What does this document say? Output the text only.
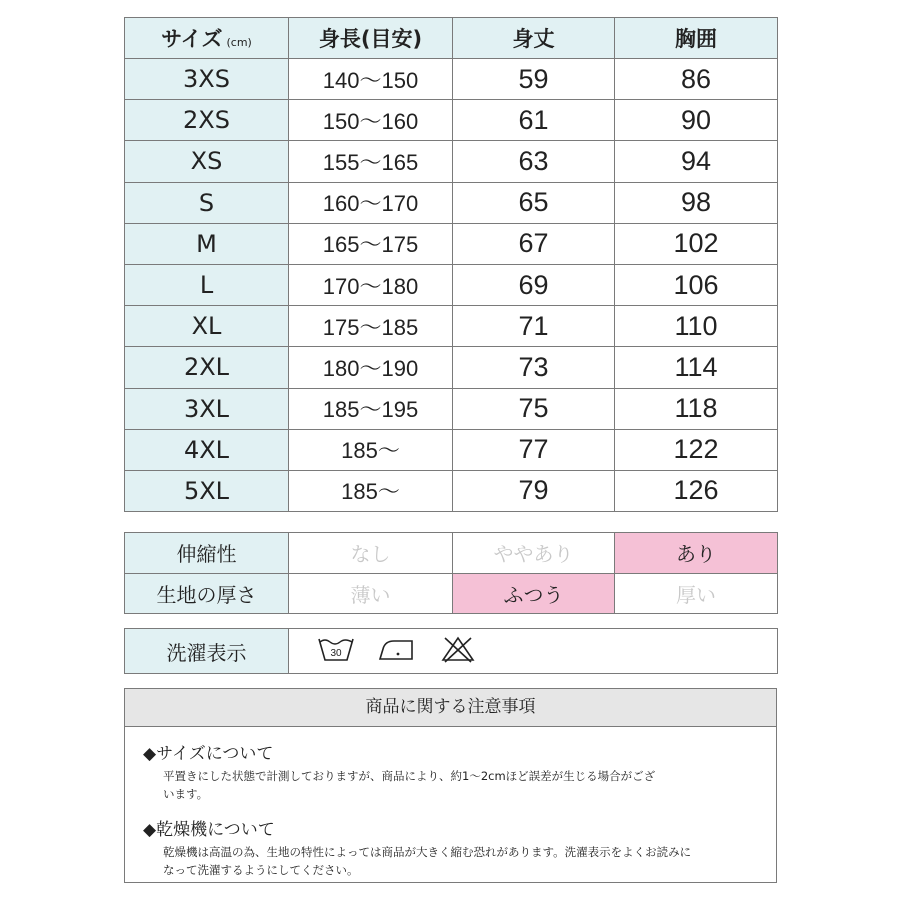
サイズ (cm)	身長(目安)	身丈	胸囲
3XS	140～150	59	86
2XS	150～160	61	90
XS	155～165	63	94
S	160～170	65	98
M	165～175	67	102
L	170～180	69	106
XL	175～185	71	110
2XL	180～190	73	114
3XL	185～195	75	118
4XL	185～	77	122
5XL	185～	79	126
伸縮性	なし	ややあり	あり
生地の厚さ	薄い	ふつう	厚い
洗濯表示	30

商品に関する注意事項
◆サイズについて
平置きにした状態で計測しておりますが、商品により、約1～2cmほど誤差が生じる場合がござ
います。
◆乾燥機について
乾燥機は高温の為、生地の特性によっては商品が大きく縮む恐れがあります。洗濯表示をよくお読みに
なって洗濯するようにしてください。
